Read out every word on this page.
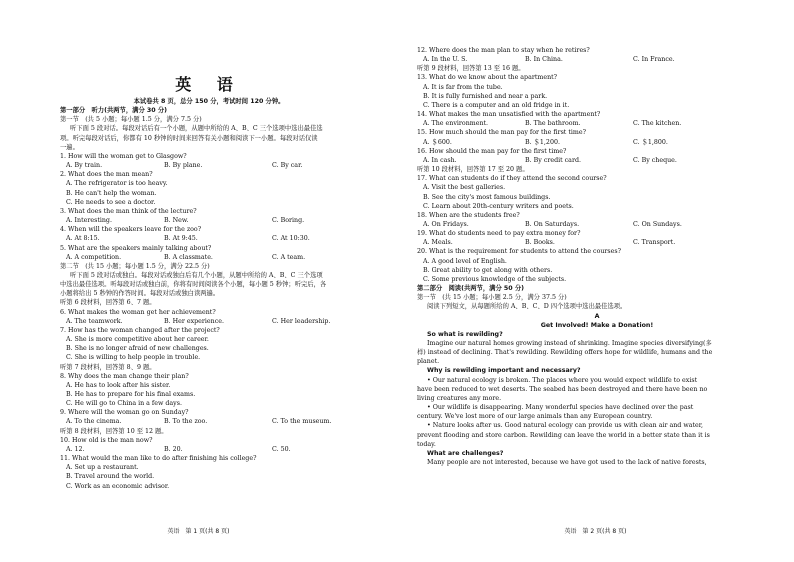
英 语
本试卷共 8 页，总分 150 分，考试时间 120 分钟。
第一部分　听力(共两节，满分 30 分)
第一节　(共 5 小题；每小题 1.5 分，满分 7.5 分)
听下面 5 段对话。每段对话后有一个小题，从题中所给的 A、B、C 三个选项中选出最佳选
项。听完每段对话后，你都有 10 秒钟的时间来回答有关小题和阅读下一小题。每段对话仅读
一遍。
1. How will the woman get to Glasgow?
A. By train.	B. By plane.	C. By car.
2. What does the man mean?
A. The refrigerator is too heavy.
B. He can't help the woman.
C. He needs to see a doctor.
3. What does the man think of the lecture?
A. Interesting.	B. New.	C. Boring.
4. When will the speakers leave for the zoo?
A. At 8:15.	B. At 9:45.	C. At 10:30.
5. What are the speakers mainly talking about?
A. A competition.	B. A classmate.	C. A team.
第二节　(共 15 小题；每小题 1.5 分，满分 22.5 分)
听下面 5 段对话或独白。每段对话或独白后有几个小题，从题中所给的 A、B、C 三个选项
中选出最佳选项。听每段对话或独白前，你将有时间阅读各个小题，每小题 5 秒钟；听完后，各
小题将给出 5 秒钟的作答时间。每段对话或独白读两遍。
听第 6 段材料，回答第 6、7 题。
6. What makes the woman get her achievement?
A. The teamwork.	B. Her experience.	C. Her leadership.
7. How has the woman changed after the project?
A. She is more competitive about her career.
B. She is no longer afraid of new challenges.
C. She is willing to help people in trouble.
听第 7 段材料，回答第 8、9 题。
8. Why does the man change their plan?
A. He has to look after his sister.
B. He has to prepare for his final exams.
C. He will go to China in a few days.
9. Where will the woman go on Sunday?
A. To the cinema.	B. To the zoo.	C. To the museum.
听第 8 段材料，回答第 10 至 12 题。
10. How old is the man now?
A. 12.	B. 20.	C. 50.
11. What would the man like to do after finishing his college?
A. Set up a restaurant.
B. Travel around the world.
C. Work as an economic advisor.
英语　第 1 页(共 8 页)
12. Where does the man plan to stay when he retires?
A. In the U. S.	B. In China.	C. In France.
听第 9 段材料，回答第 13 至 16 题。
13. What do we know about the apartment?
A. It is far from the tube.
B. It is fully furnished and near a park.
C. There is a computer and an old fridge in it.
14. What makes the man unsatisfied with the apartment?
A. The environment.	B. The bathroom.	C. The kitchen.
15. How much should the man pay for the first time?
A. ＄600.	B. ＄1,200.	C. ＄1,800.
16. How should the man pay for the first time?
A. In cash.	B. By credit card.	C. By cheque.
听第 10 段材料，回答第 17 至 20 题。
17. What can students do if they attend the second course?
A. Visit the best galleries.
B. See the city's most famous buildings.
C. Learn about 20th-century writers and poets.
18. When are the students free?
A. On Fridays.	B. On Saturdays.	C. On Sundays.
19. What do students need to pay extra money for?
A. Meals.	B. Books.	C. Transport.
20. What is the requirement for students to attend the courses?
A. A good level of English.
B. Great ability to get along with others.
C. Some previous knowledge of the subjects.
第二部分　阅读(共两节，满分 50 分)
第一节　(共 15 小题；每小题 2.5 分，满分 37.5 分)
阅读下列短文，从每题所给的 A、B、C、D 四个选项中选出最佳选项。
A
Get Involved! Make a Donation!
So what is rewilding?
Imagine our natural homes growing instead of shrinking. Imagine species diversifying(多
样) instead of declining. That's rewilding. Rewilding offers hope for wildlife, humans and the
planet.
Why is rewilding important and necessary?
• Our natural ecology is broken. The places where you would expect wildlife to exist
have been reduced to wet deserts. The seabed has been destroyed and there have been no
living creatures any more.
• Our wildlife is disappearing. Many wonderful species have declined over the past
century. We've lost more of our large animals than any European country.
• Nature looks after us. Good natural ecology can provide us with clean air and water,
prevent flooding and store carbon. Rewilding can leave the world in a better state than it is
today.
What are challenges?
Many people are not interested, because we have got used to the lack of native forests,
英语　第 2 页(共 8 页)
